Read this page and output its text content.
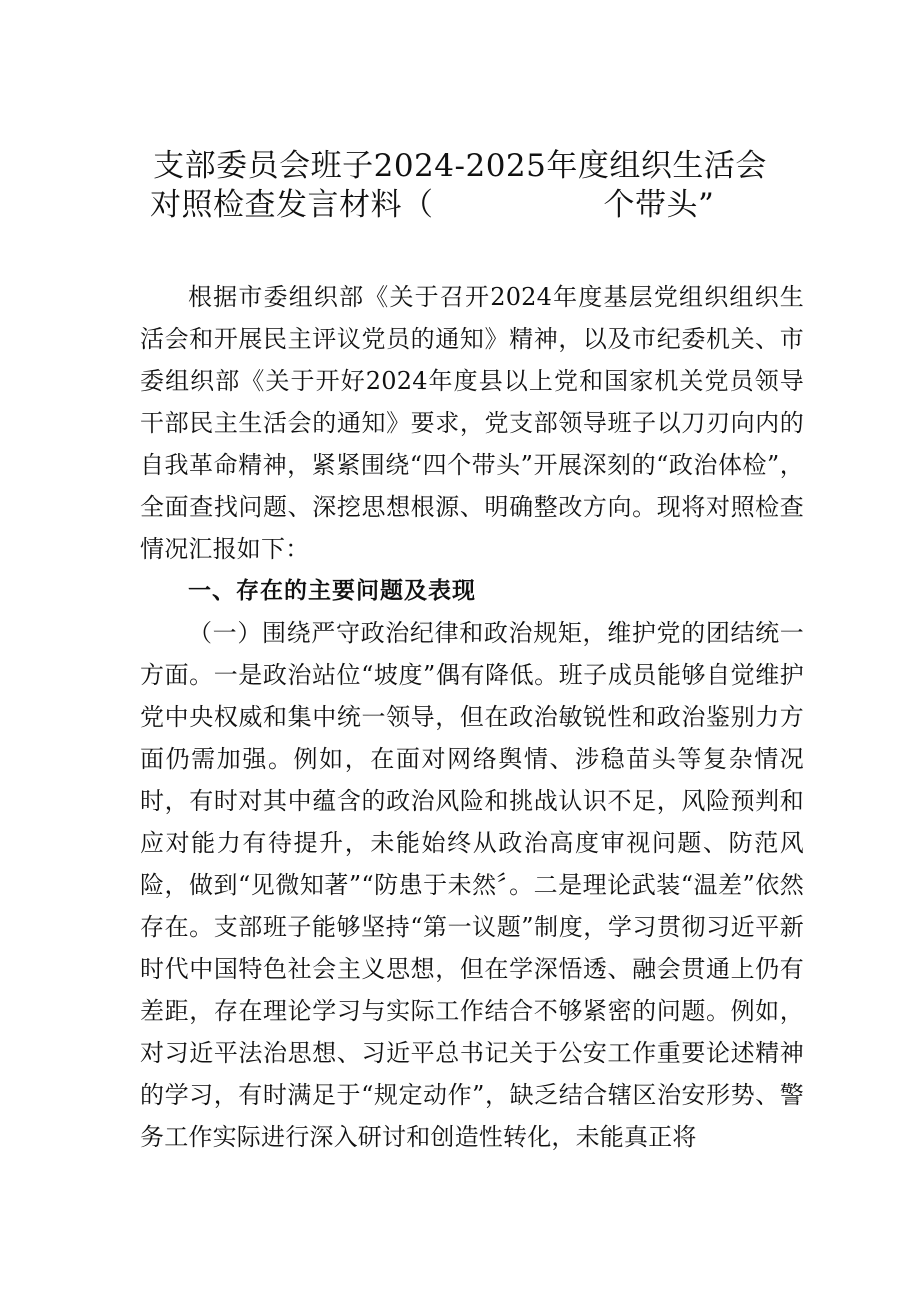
支部委员会班子2024-2025年度组织生活会
对照检查发言材料（	个带头”

根据市委组织部《关于召开2024年度基层党组织组织生活会和开展民主评议党员的通知》精神，以及市纪委机关、市委组织部《关于开好2024年度县以上党和国家机关党员领导干部民主生活会的通知》要求，党支部领导班子以刀刃向内的自我革命精神，紧紧围绕“四个带头”开展深刻的“政治体检”，全面查找问题、深挖思想根源、明确整改方向。现将对照检查情况汇报如下：

一、存在的主要问题及表现

（一）围绕严守政治纪律和政治规矩，维护党的团结统一方面。一是政治站位“坡度”偶有降低。班子成员能够自觉维护党中央权威和集中统一领导，但在政治敏锐性和政治鉴别力方面仍需加强。例如，在面对网络舆情、涉稳苗头等复杂情况时，有时对其中蕴含的政治风险和挑战认识不足，风险预判和应对能力有待提升，未能始终从政治高度审视问题、防范风险，做到“见微知著”“防患于未然〞。二是理论武装“温差”依然存在。支部班子能够坚持“第一议题”制度，学习贯彻习近平新时代中国特色社会主义思想，但在学深悟透、融会贯通上仍有差距，存在理论学习与实际工作结合不够紧密的问题。例如，对习近平法治思想、习近平总书记关于公安工作重要论述精神的学习，有时满足于“规定动作”，缺乏结合辖区治安形势、警务工作实际进行深入研讨和创造性转化，未能真正将
